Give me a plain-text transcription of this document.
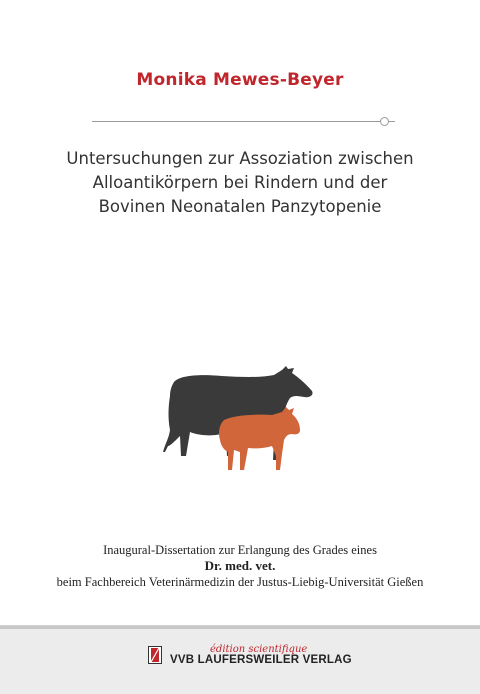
Monika Mewes-Beyer
Untersuchungen zur Assoziation zwischen
Alloantikörpern bei Rindern und der
Bovinen Neonatalen Panzytopenie
Inaugural-Dissertation zur Erlangung des Grades eines
Dr. med. vet.
beim Fachbereich Veterinärmedizin der Justus-Liebig-Universität Gießen
édition scientifique
VVB LAUFERSWEILER VERLAG
